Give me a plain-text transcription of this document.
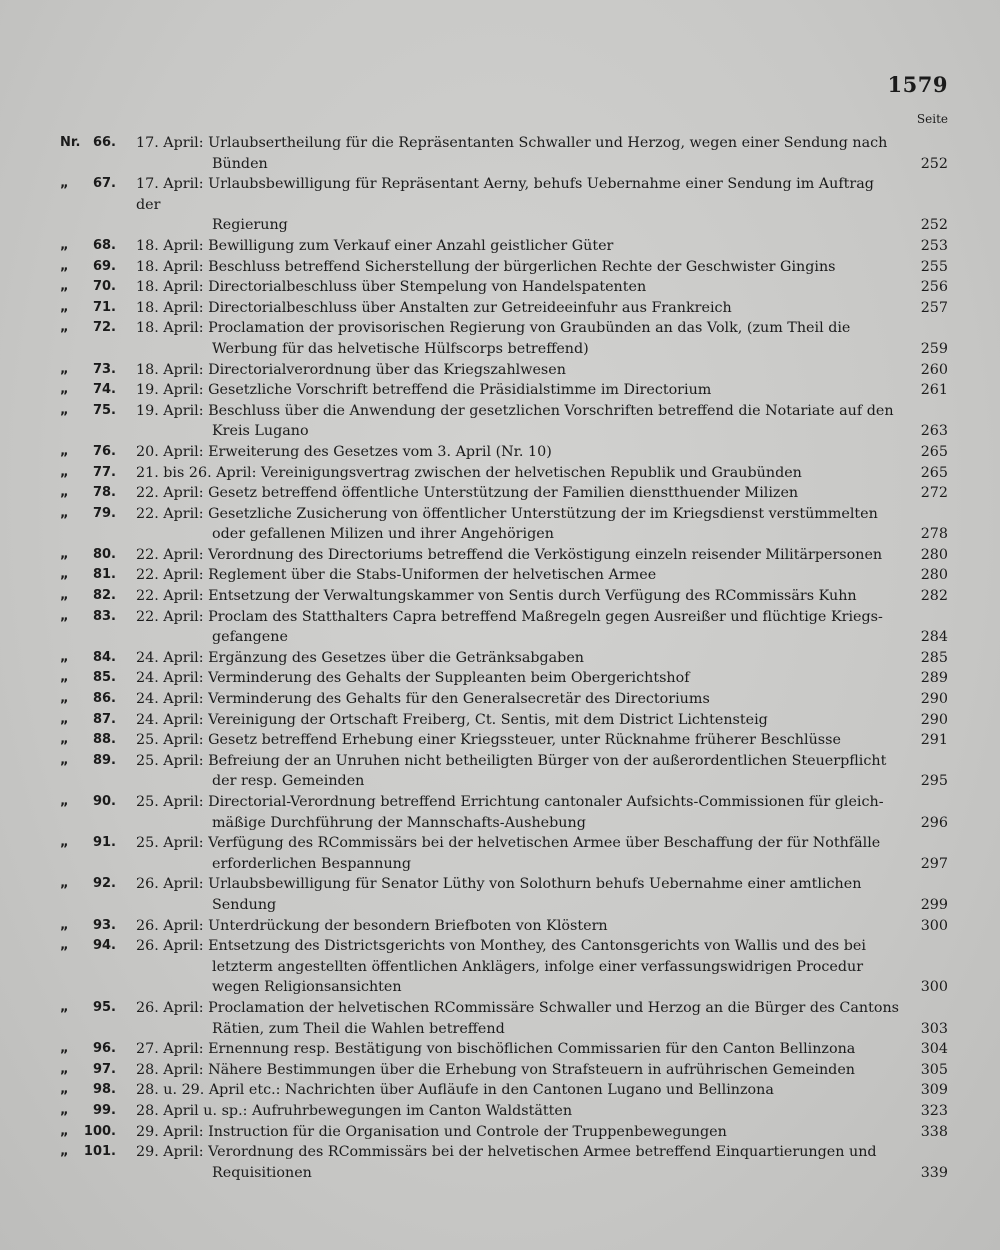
1579
Seite
Nr. 66. 17. April: Urlaubsertheilung für die Repräsentanten Schwaller und Herzog, wegen einer Sendung nach
Bünden	252
„ 67. 17. April: Urlaubsbewilligung für Repräsentant Aerny, behufs Uebernahme einer Sendung im Auftrag der
Regierung	252
„ 68. 18. April: Bewilligung zum Verkauf einer Anzahl geistlicher Güter	253
„ 69. 18. April: Beschluss betreffend Sicherstellung der bürgerlichen Rechte der Geschwister Gingins	255
„ 70. 18. April: Directorialbeschluss über Stempelung von Handelspatenten	256
„ 71. 18. April: Directorialbeschluss über Anstalten zur Getreideeinfuhr aus Frankreich	257
„ 72. 18. April: Proclamation der provisorischen Regierung von Graubünden an das Volk, (zum Theil die
Werbung für das helvetische Hülfscorps betreffend)	259
„ 73. 18. April: Directorialverordnung über das Kriegszahlwesen	260
„ 74. 19. April: Gesetzliche Vorschrift betreffend die Präsidialstimme im Directorium	261
„ 75. 19. April: Beschluss über die Anwendung der gesetzlichen Vorschriften betreffend die Notariate auf den
Kreis Lugano	263
„ 76. 20. April: Erweiterung des Gesetzes vom 3. April (Nr. 10)	265
„ 77. 21. bis 26. April: Vereinigungsvertrag zwischen der helvetischen Republik und Graubünden	265
„ 78. 22. April: Gesetz betreffend öffentliche Unterstützung der Familien dienstthuender Milizen	272
„ 79. 22. April: Gesetzliche Zusicherung von öffentlicher Unterstützung der im Kriegsdienst verstümmelten
oder gefallenen Milizen und ihrer Angehörigen	278
„ 80. 22. April: Verordnung des Directoriums betreffend die Verköstigung einzeln reisender Militärpersonen	280
„ 81. 22. April: Reglement über die Stabs-Uniformen der helvetischen Armee	280
„ 82. 22. April: Entsetzung der Verwaltungskammer von Sentis durch Verfügung des RCommissärs Kuhn	282
„ 83. 22. April: Proclam des Statthalters Capra betreffend Maßregeln gegen Ausreißer und flüchtige Kriegs-
gefangene	284
„ 84. 24. April: Ergänzung des Gesetzes über die Getränksabgaben	285
„ 85. 24. April: Verminderung des Gehalts der Suppleanten beim Obergerichtshof	289
„ 86. 24. April: Verminderung des Gehalts für den Generalsecretär des Directoriums	290
„ 87. 24. April: Vereinigung der Ortschaft Freiberg, Ct. Sentis, mit dem District Lichtensteig	290
„ 88. 25. April: Gesetz betreffend Erhebung einer Kriegssteuer, unter Rücknahme früherer Beschlüsse	291
„ 89. 25. April: Befreiung der an Unruhen nicht betheiligten Bürger von der außerordentlichen Steuerpflicht
der resp. Gemeinden	295
„ 90. 25. April: Directorial-Verordnung betreffend Errichtung cantonaler Aufsichts-Commissionen für gleich-
mäßige Durchführung der Mannschafts-Aushebung	296
„ 91. 25. April: Verfügung des RCommissärs bei der helvetischen Armee über Beschaffung der für Nothfälle
erforderlichen Bespannung	297
„ 92. 26. April: Urlaubsbewilligung für Senator Lüthy von Solothurn behufs Uebernahme einer amtlichen
Sendung	299
„ 93. 26. April: Unterdrückung der besondern Briefboten von Klöstern	300
„ 94. 26. April: Entsetzung des Districtsgerichts von Monthey, des Cantonsgerichts von Wallis und des bei
letzterm angestellten öffentlichen Anklägers, infolge einer verfassungswidrigen Procedur
wegen Religionsansichten	300
„ 95. 26. April: Proclamation der helvetischen RCommissäre Schwaller und Herzog an die Bürger des Cantons
Rätien, zum Theil die Wahlen betreffend	303
„ 96. 27. April: Ernennung resp. Bestätigung von bischöflichen Commissarien für den Canton Bellinzona	304
„ 97. 28. April: Nähere Bestimmungen über die Erhebung von Strafsteuern in aufrührischen Gemeinden	305
„ 98. 28. u. 29. April etc.: Nachrichten über Aufläufe in den Cantonen Lugano und Bellinzona	309
„ 99. 28. April u. sp.: Aufruhrbewegungen im Canton Waldstätten	323
„ 100. 29. April: Instruction für die Organisation und Controle der Truppenbewegungen	338
„ 101. 29. April: Verordnung des RCommissärs bei der helvetischen Armee betreffend Einquartierungen und
Requisitionen	339
